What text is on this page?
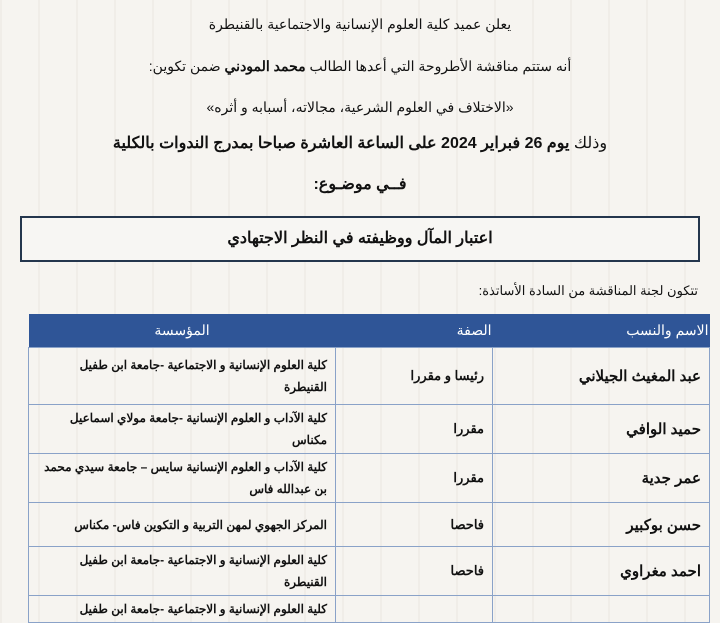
يعلن عميد كلية العلوم الإنسانية والاجتماعية بالقنيطرة
أنه ستتم مناقشة الأطروحة التي أعدها الطالب محمد المودني ضمن تكوين:
«الاختلاف في العلوم الشرعية، مجالاته، أسبابه و أثره»
وذلك يوم 26 فبراير 2024 على الساعة العاشرة صباحا بمدرج الندوات بالكلية
فــي موضـوع:
اعتبار المآل ووظيفته في النظر الاجتهادي
تتكون لجنة المناقشة من السادة الأساتذة:
الاسم والنسب	الصفة	المؤسسة
عبد المغيث الجيلاني	رئيسا و مقررا	كلية العلوم الإنسانية و الاجتماعية -جامعة ابن طفيل القنيطرة
حميد الوافي	مقررا	كلية الآداب و العلوم الإنسانية -جامعة مولاي اسماعيل مكناس
عمر جدية	مقررا	كلية الآداب و العلوم الإنسانية سايس – جامعة سيدي محمد بن عبدالله فاس
حسن بوكبير	فاحصا	المركز الجهوي لمهن التربية و التكوين فاس- مكناس
احمد مغراوي	فاحصا	كلية العلوم الإنسانية و الاجتماعية -جامعة ابن طفيل القنيطرة
		كلية العلوم الإنسانية و الاجتماعية -جامعة ابن طفيل
